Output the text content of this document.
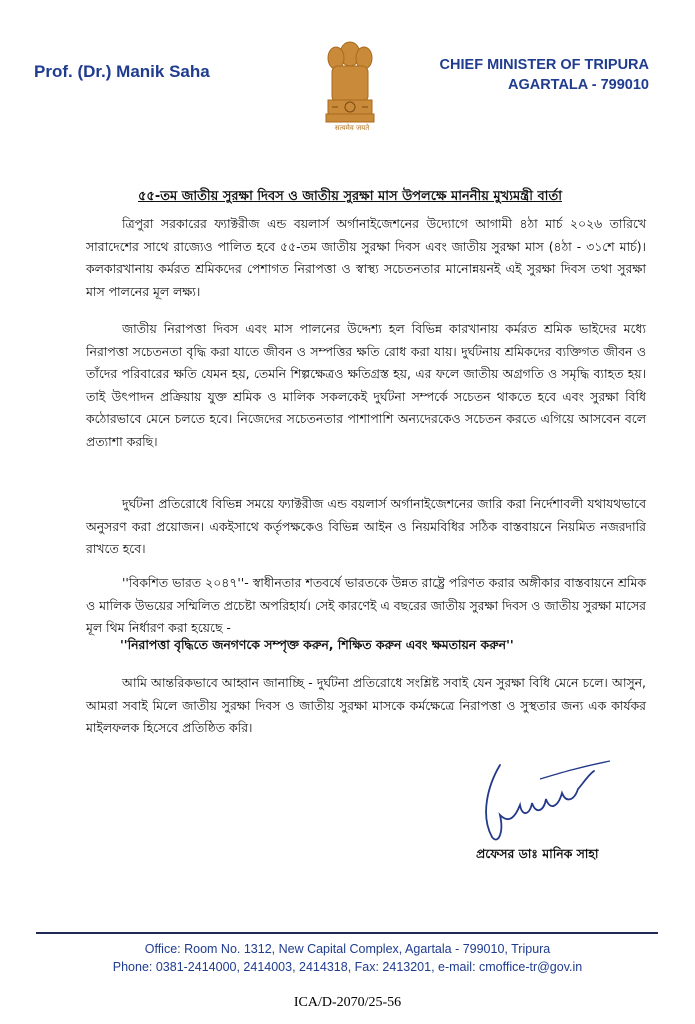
Prof. (Dr.) Manik Saha
सत्यमेव जयते
CHIEF MINISTER OF TRIPURA
AGARTALA - 799010
৫৫-তম জাতীয় সুরক্ষা দিবস ও জাতীয় সুরক্ষা মাস উপলক্ষে মাননীয় মুখ্যমন্ত্রী বার্তা
ত্রিপুরা সরকারের ফ্যাক্টরীজ এন্ড বয়লার্স অর্গানাইজেশনের উদ্যোগে আগামী ৪ঠা মার্চ ২০২৬ তারিখে সারাদেশের সাথে রাজ্যেও পালিত হবে ৫৫-তম জাতীয় সুরক্ষা দিবস এবং জাতীয় সুরক্ষা মাস (৪ঠা - ৩১শে মার্চ)। কলকারখানায় কর্মরত শ্রমিকদের পেশাগত নিরাপত্তা ও স্বাস্থ্য সচেতনতার মানোন্নয়নই এই সুরক্ষা দিবস তথা সুরক্ষা মাস পালনের মূল লক্ষ্য।
জাতীয় নিরাপত্তা দিবস এবং মাস পালনের উদ্দেশ্য হল বিভিন্ন কারখানায় কর্মরত শ্রমিক ভাইদের মধ্যে নিরাপত্তা সচেতনতা বৃদ্ধি করা যাতে জীবন ও সম্পত্তির ক্ষতি রোধ করা যায়। দুর্ঘটনায় শ্রমিকদের ব্যক্তিগত জীবন ও তাঁদের পরিবারের ক্ষতি যেমন হয়, তেমনি শিল্পক্ষেত্রও ক্ষতিগ্রস্ত হয়, এর ফলে জাতীয় অগ্রগতি ও সমৃদ্ধি ব্যাহত হয়। তাই উৎপাদন প্রক্রিয়ায় যুক্ত শ্রমিক ও মালিক সকলকেই দুর্ঘটনা সম্পর্কে সচেতন থাকতে হবে এবং সুরক্ষা বিধি কঠোরভাবে মেনে চলতে হবে। নিজেদের সচেতনতার পাশাপাশি অন্যদেরকেও সচেতন করতে এগিয়ে আসবেন বলে প্রত্যাশা করছি।
দুর্ঘটনা প্রতিরোধে বিভিন্ন সময়ে ফ্যাক্টরীজ এন্ড বয়লার্স অর্গানাইজেশনের জারি করা নির্দেশাবলী যথাযথভাবে অনুসরণ করা প্রয়োজন। একইসাথে কর্তৃপক্ষকেও বিভিন্ন আইন ও নিয়মবিধির সঠিক বাস্তবায়নে নিয়মিত নজরদারি রাখতে হবে।
''বিকশিত ভারত ২০৪৭''- স্বাধীনতার শতবর্ষে ভারতকে উন্নত রাষ্ট্রে পরিণত করার অঙ্গীকার বাস্তবায়নে শ্রমিক ও মালিক উভয়ের সম্মিলিত প্রচেষ্টা অপরিহার্য। সেই কারণেই এ বছরের জাতীয় সুরক্ষা দিবস ও জাতীয় সুরক্ষা মাসের মূল থিম নির্ধারণ করা হয়েছে -
''নিরাপত্তা বৃদ্ধিতে জনগণকে সম্পৃক্ত করুন, শিক্ষিত করুন এবং ক্ষমতায়ন করুন''
আমি আন্তরিকভাবে আহ্বান জানাচ্ছি - দুর্ঘটনা প্রতিরোধে সংশ্লিষ্ট সবাই যেন সুরক্ষা বিধি মেনে চলে। আসুন, আমরা সবাই মিলে জাতীয় সুরক্ষা দিবস ও জাতীয় সুরক্ষা মাসকে কর্মক্ষেত্রে নিরাপত্তা ও সুস্থতার জন্য এক কার্যকর মাইলফলক হিসেবে প্রতিষ্ঠিত করি।
প্রফেসর ডাঃ মানিক সাহা
Office: Room No. 1312, New Capital Complex, Agartala - 799010, Tripura
Phone: 0381-2414000, 2414003, 2414318, Fax: 2413201, e-mail: cmoffice-tr@gov.in
ICA/D-2070/25-56
